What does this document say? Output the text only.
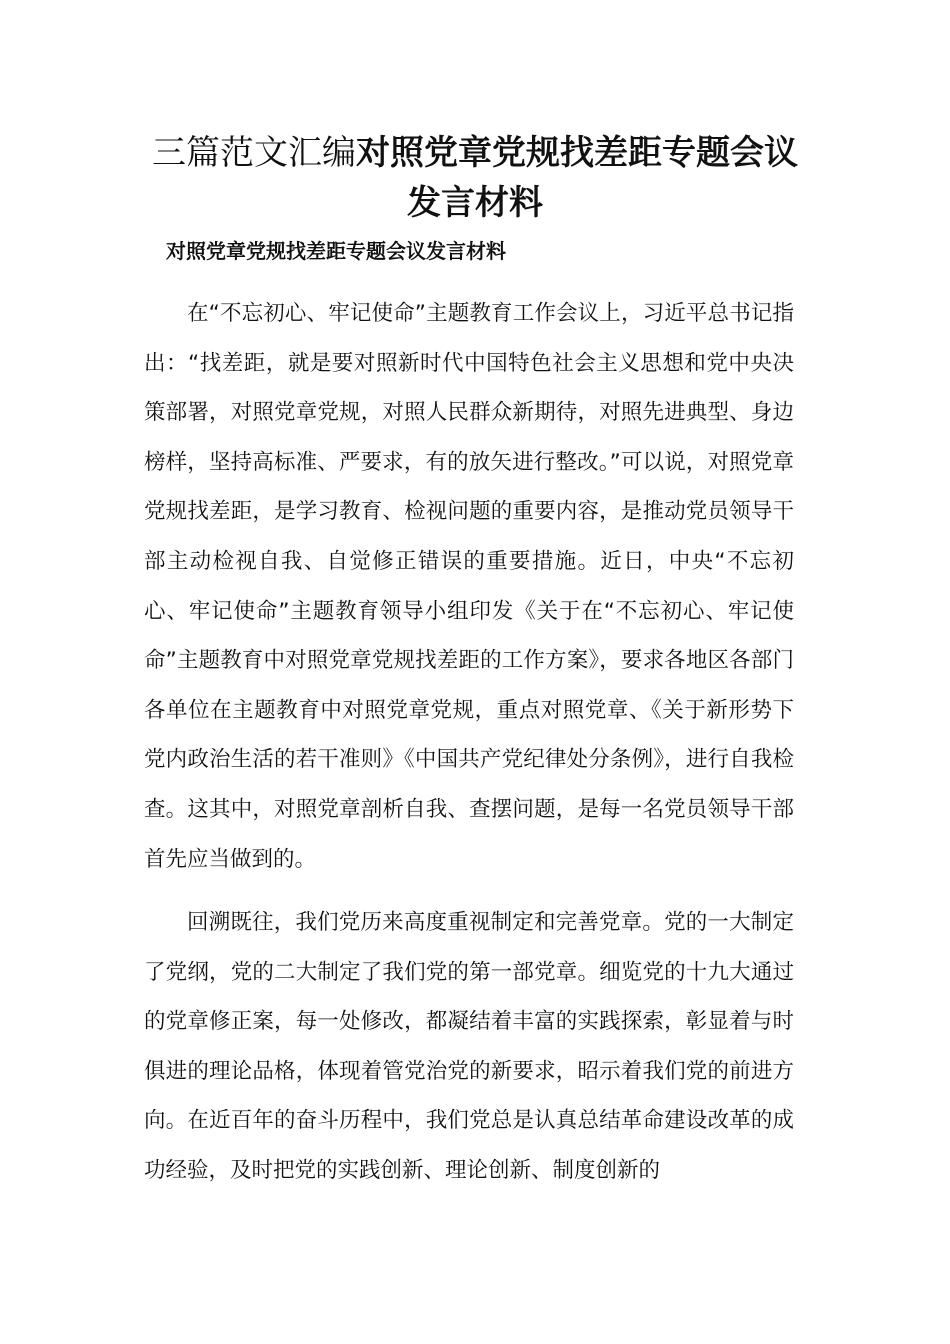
三篇范文汇编对照党章党规找差距专题会议发言材料
对照党章党规找差距专题会议发言材料

在“不忘初心、牢记使命”主题教育工作会议上，习近平总书记指出：“找差距，就是要对照新时代中国特色社会主义思想和党中央决策部署，对照党章党规，对照人民群众新期待，对照先进典型、身边榜样，坚持高标准、严要求，有的放矢进行整改。”可以说，对照党章党规找差距，是学习教育、检视问题的重要内容，是推动党员领导干部主动检视自我、自觉修正错误的重要措施。近日，中央“不忘初心、牢记使命”主题教育领导小组印发《关于在“不忘初心、牢记使命”主题教育中对照党章党规找差距的工作方案》，要求各地区各部门各单位在主题教育中对照党章党规，重点对照党章、《关于新形势下党内政治生活的若干准则》《中国共产党纪律处分条例》，进行自我检查。这其中，对照党章剖析自我、查摆问题，是每一名党员领导干部首先应当做到的。

回溯既往，我们党历来高度重视制定和完善党章。党的一大制定了党纲，党的二大制定了我们党的第一部党章。细览党的十九大通过的党章修正案，每一处修改，都凝结着丰富的实践探索，彰显着与时俱进的理论品格，体现着管党治党的新要求，昭示着我们党的前进方向。在近百年的奋斗历程中，我们党总是认真总结革命建设改革的成功经验，及时把党的实践创新、理论创新、制度创新的
